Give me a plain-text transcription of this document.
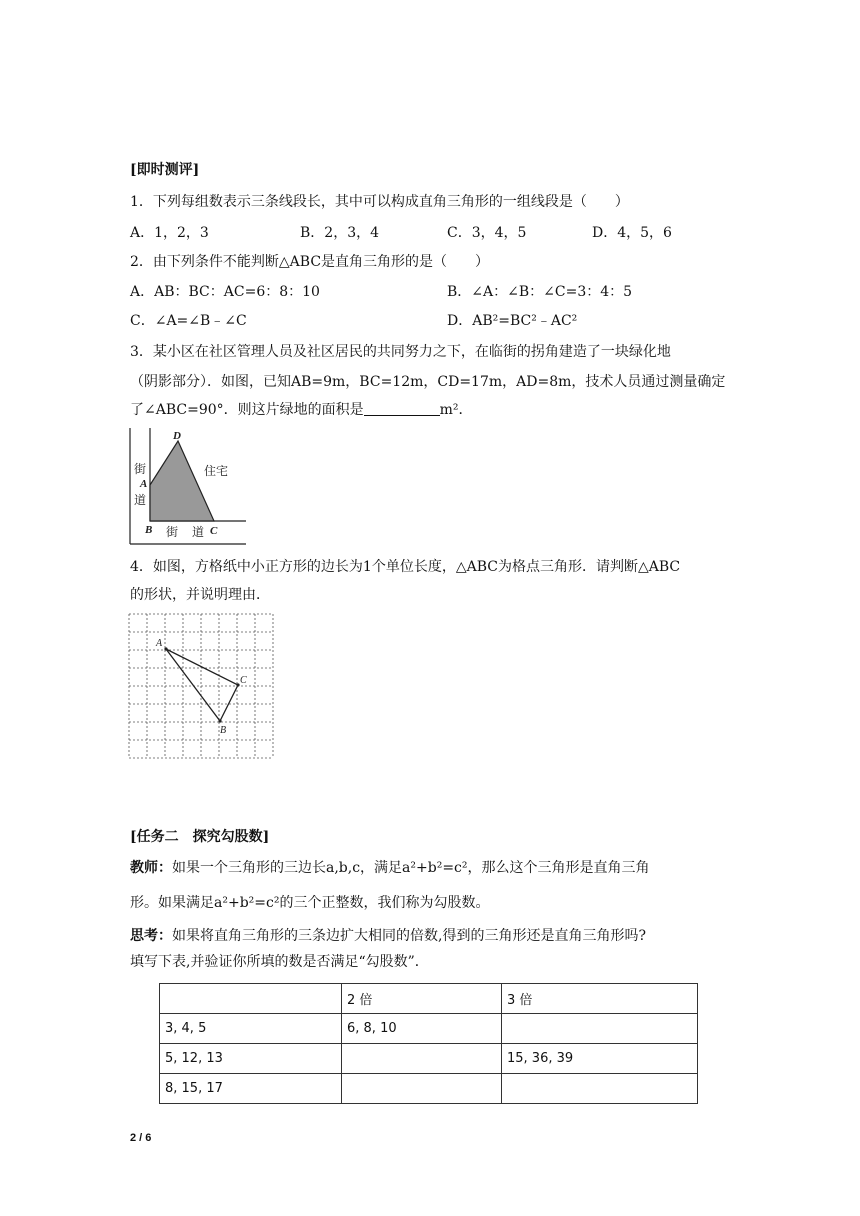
[即时测评]
1．下列每组数表示三条线段长，其中可以构成直角三角形的一组线段是（　　）
A．1，2，3	B．2，3，4	C．3，4，5	D．4，5，6
2．由下列条件不能判断△ABC是直角三角形的是（　　）
A．AB：BC：AC=6：8：10	B．∠A：∠B：∠C=3：4：5
C．∠A=∠B﹣∠C	D．AB²=BC²﹣AC²
3．某小区在社区管理人员及社区居民的共同努力之下，在临街的拐角建造了一块绿化地
（阴影部分）．如图，已知AB=9m，BC=12m，CD=17m，AD=8m，技术人员通过测量确定
了∠ABC=90°．则这片绿地的面积是	m²．
街
A
道
D
住宅
B 街 道 C
4．如图，方格纸中小正方形的边长为1个单位长度，△ABC为格点三角形．请判断△ABC
的形状，并说明理由．
A
C
B
[任务二　探究勾股数]
教师：如果一个三角形的三边长a,b,c，满足a²+b²=c²，那么这个三角形是直角三角
形。如果满足a²+b²=c²的三个正整数，我们称为勾股数。
思考：如果将直角三角形的三条边扩大相同的倍数,得到的三角形还是直角三角形吗?
填写下表,并验证你所填的数是否满足“勾股数”．
	2 倍	3 倍
3, 4, 5	6, 8, 10	
5, 12, 13		15, 36, 39
8, 15, 17		
2 / 6
